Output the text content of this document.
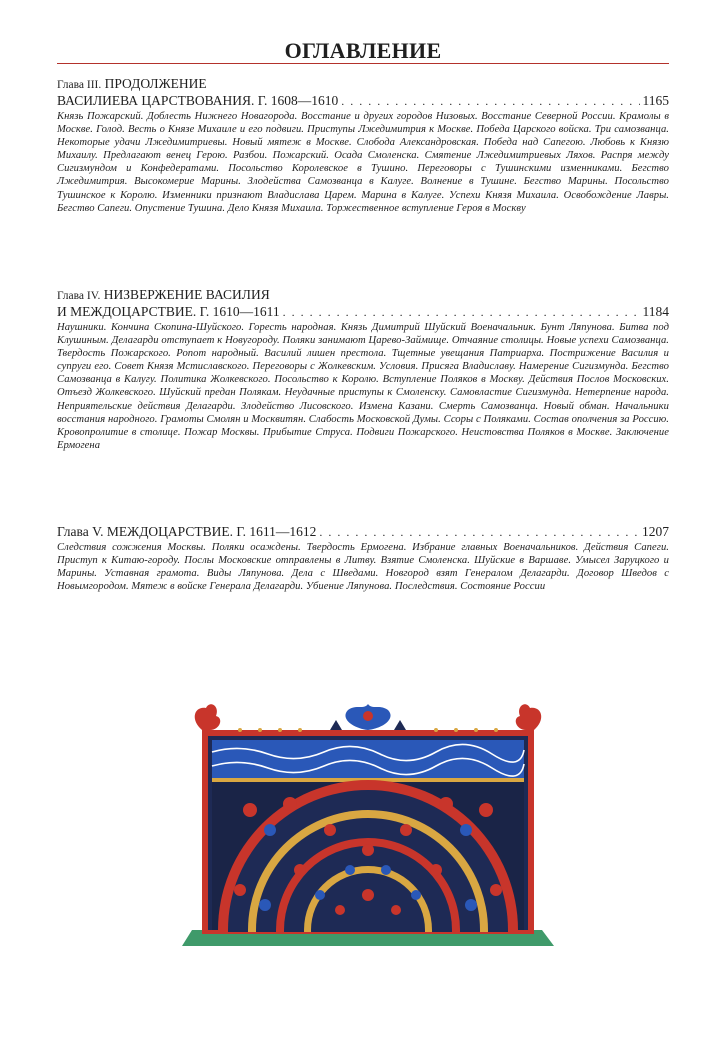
ОГЛАВЛЕНИЕ
Глава III. ПРОДОЛЖЕНИЕ
ВАСИЛИЕВА ЦАРСТВОВАНИЯ. Г. 1608—1610 . . .	1165
Князь Пожарский. Доблесть Нижнего Новагорода. Восстание и других городов Низовых. Восстание Северной России. Крамолы в Москве. Голод. Весть о Князе Михаиле и его подвиги. Приступы Лжедимитрия к Москве. Победа Царского войска. Три самозванца. Некоторые удачи Лжедимитриевы. Новый мятеж в Москве. Слобода Александровская. Победа над Сапегою. Любовь к Князю Михаилу. Предлагают венец Герою. Разбои. Пожарский. Осада Смоленска. Смятение Лжедимитриевых Ляхов. Распря между Сигизмундом и Конфедератами. Посольство Королевское в Тушино. Переговоры с Тушинскими изменниками. Бегство Лжедимитрия. Высокомерие Марины. Злодейства Самозванца в Калуге. Волнение в Тушине. Бегство Марины. Посольство Тушинское к Королю. Изменники признают Владислава Царем. Марина в Калуге. Успехи Князя Михаила. Освобождение Лавры. Бегство Сапеги. Опустение Тушина. Дело Князя Михаила. Торжественное вступление Героя в Москву
Глава IV. НИЗВЕРЖЕНИЕ ВАСИЛИЯ
И МЕЖДОЦАРСТВИЕ. Г. 1610—1611 . . .	1184
Наушники. Кончина Скопина-Шуйского. Горесть народная. Князь Димитрий Шуйский Военачальник. Бунт Ляпунова. Битва под Клушиным. Делагарди отступает к Новугороду. Поляки занимают Царево-Займище. Отчаяние столицы. Новые успехи Самозванца. Твердость Пожарского. Ропот народный. Василий лишен престола. Тщетные увещания Патриарха. Пострижение Василия и супруги его. Совет Князя Мстиславского. Переговоры с Жолкевским. Условия. Присяга Владиславу. Намерение Сигизмунда. Бегство Самозванца в Калугу. Политика Жолкевского. Посольство к Королю. Вступление Поляков в Москву. Действия Послов Московских. Отъезд Жолкевского. Шуйский предан Полякам. Неудачные приступы к Смоленску. Самовластие Сигизмунда. Нетерпение народа. Неприятельские действия Делагарди. Злодейство Лисовского. Измена Казани. Смерть Самозванца. Новый обман. Начальники восстания народного. Грамоты Смолян и Москвитян. Слабость Московской Думы. Ссоры с Поляками. Состав ополчения за Россию. Кровопролитие в столице. Пожар Москвы. Прибытие Струса. Подвиги Пожарского. Неистовства Поляков в Москве. Заключение Ермогена
Глава V. МЕЖДОЦАРСТВИЕ. Г. 1611—1612 . . .	1207
Следствия сожжения Москвы. Поляки осаждены. Твердость Ермогена. Избрание главных Военачальников. Действия Сапеги. Приступ к Китаю-городу. Послы Московские отправлены в Литву. Взятие Смоленска. Шуйские в Варшаве. Умысел Заруцкого и Марины. Уставная грамота. Виды Ляпунова. Дела с Шведами. Новгород взят Генералом Делагарди. Договор Шведов с Новымгородом. Мятеж в войске Генерала Делагарди. Убиение Ляпунова. Последствия. Состояние России
